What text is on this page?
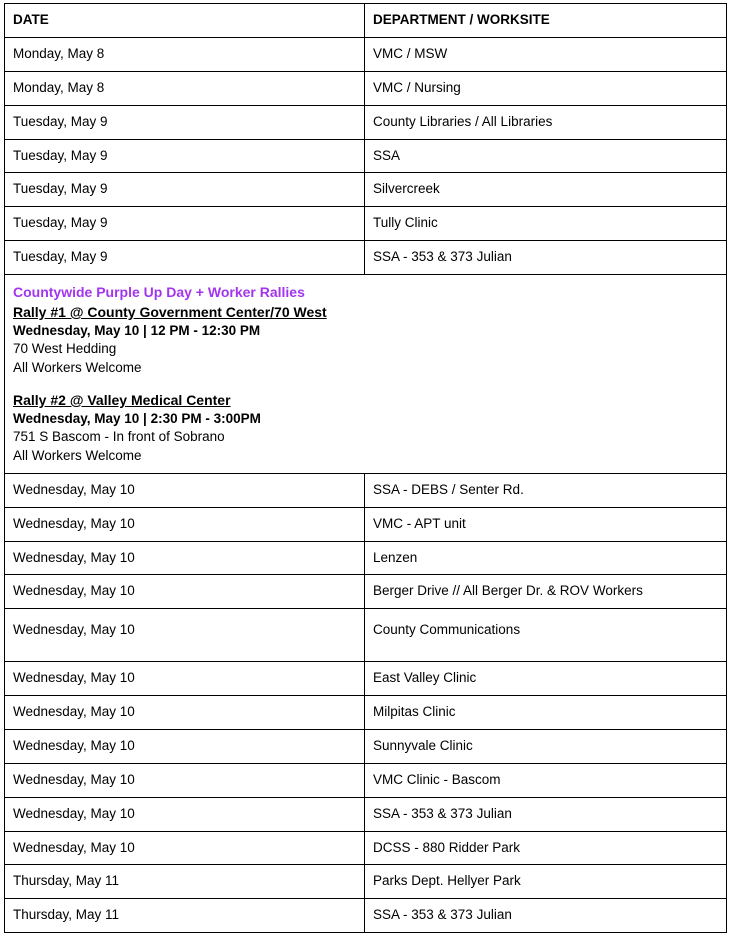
DATE	DEPARTMENT / WORKSITE
Monday, May 8	VMC / MSW
Monday, May 8	VMC / Nursing
Tuesday, May 9	County Libraries / All Libraries
Tuesday, May 9	SSA
Tuesday, May 9	Silvercreek
Tuesday, May 9	Tully Clinic
Tuesday, May 9	SSA - 353 & 373 Julian

Countywide Purple Up Day + Worker Rallies
Rally #1 @ County Government Center/70 West
Wednesday, May 10 | 12 PM - 12:30 PM
70 West Hedding
All Workers Welcome
Rally #2 @ Valley Medical Center
Wednesday, May 10 | 2:30 PM - 3:00PM
751 S Bascom - In front of Sobrano
All Workers Welcome

Wednesday, May 10	SSA - DEBS / Senter Rd.
Wednesday, May 10	VMC - APT unit
Wednesday, May 10	Lenzen
Wednesday, May 10	Berger Drive // All Berger Dr. & ROV Workers
Wednesday, May 10	County Communications
Wednesday, May 10	East Valley Clinic
Wednesday, May 10	Milpitas Clinic
Wednesday, May 10	Sunnyvale Clinic
Wednesday, May 10	VMC Clinic - Bascom
Wednesday, May 10	SSA - 353 & 373 Julian
Wednesday, May 10	DCSS - 880 Ridder Park
Thursday, May 11	Parks Dept. Hellyer Park
Thursday, May 11	SSA - 353 & 373 Julian
